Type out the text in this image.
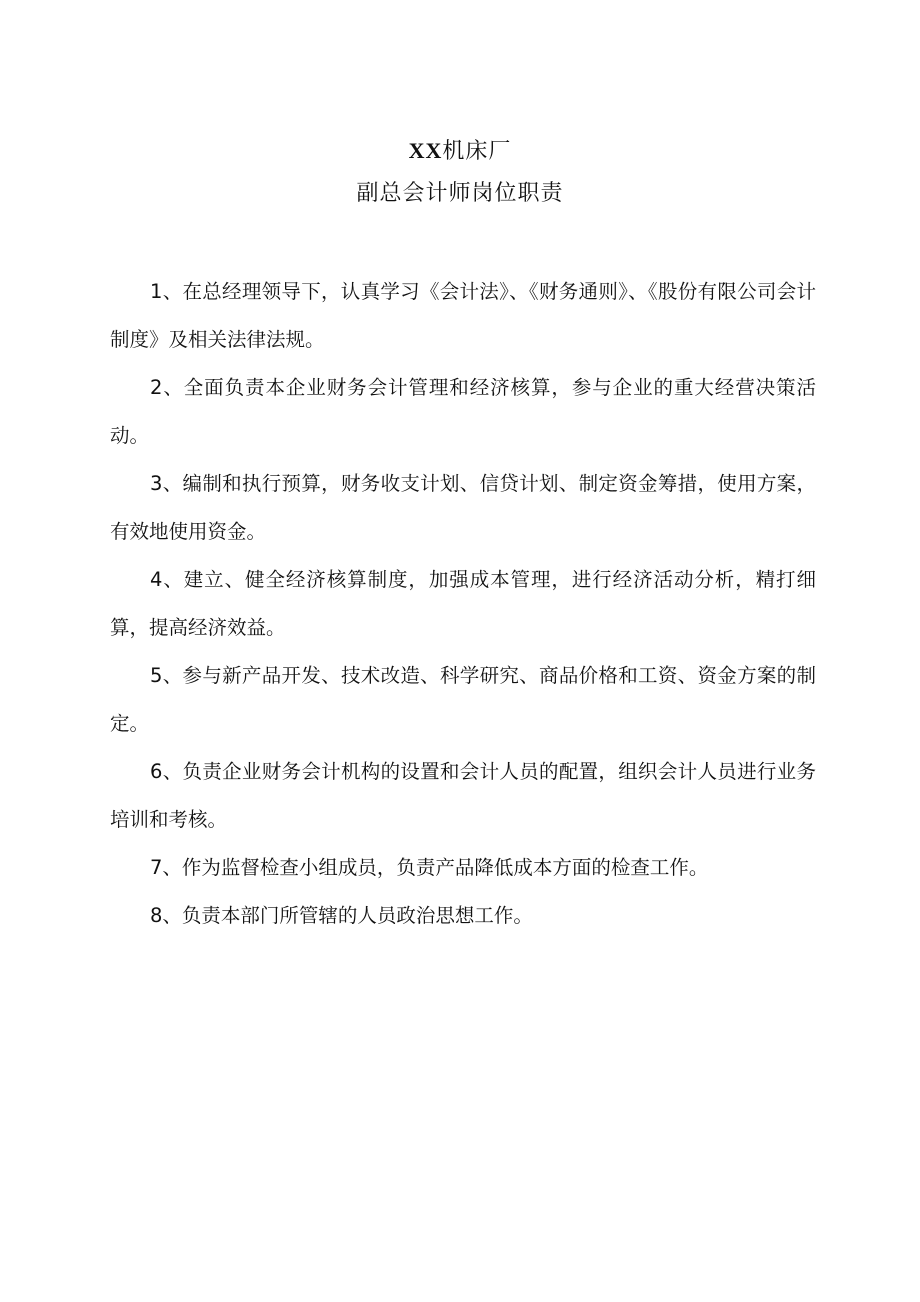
XX机床厂
副总会计师岗位职责

1、在总经理领导下，认真学习《会计法》、《财务通则》、《股份有限公司会计制度》及相关法律法规。

2、全面负责本企业财务会计管理和经济核算，参与企业的重大经营决策活动。

3、编制和执行预算，财务收支计划、信贷计划、制定资金筹措，使用方案，有效地使用资金。

4、建立、健全经济核算制度，加强成本管理，进行经济活动分析，精打细算，提高经济效益。

5、参与新产品开发、技术改造、科学研究、商品价格和工资、资金方案的制定。

6、负责企业财务会计机构的设置和会计人员的配置，组织会计人员进行业务培训和考核。

7、作为监督检查小组成员，负责产品降低成本方面的检查工作。

8、负责本部门所管辖的人员政治思想工作。
